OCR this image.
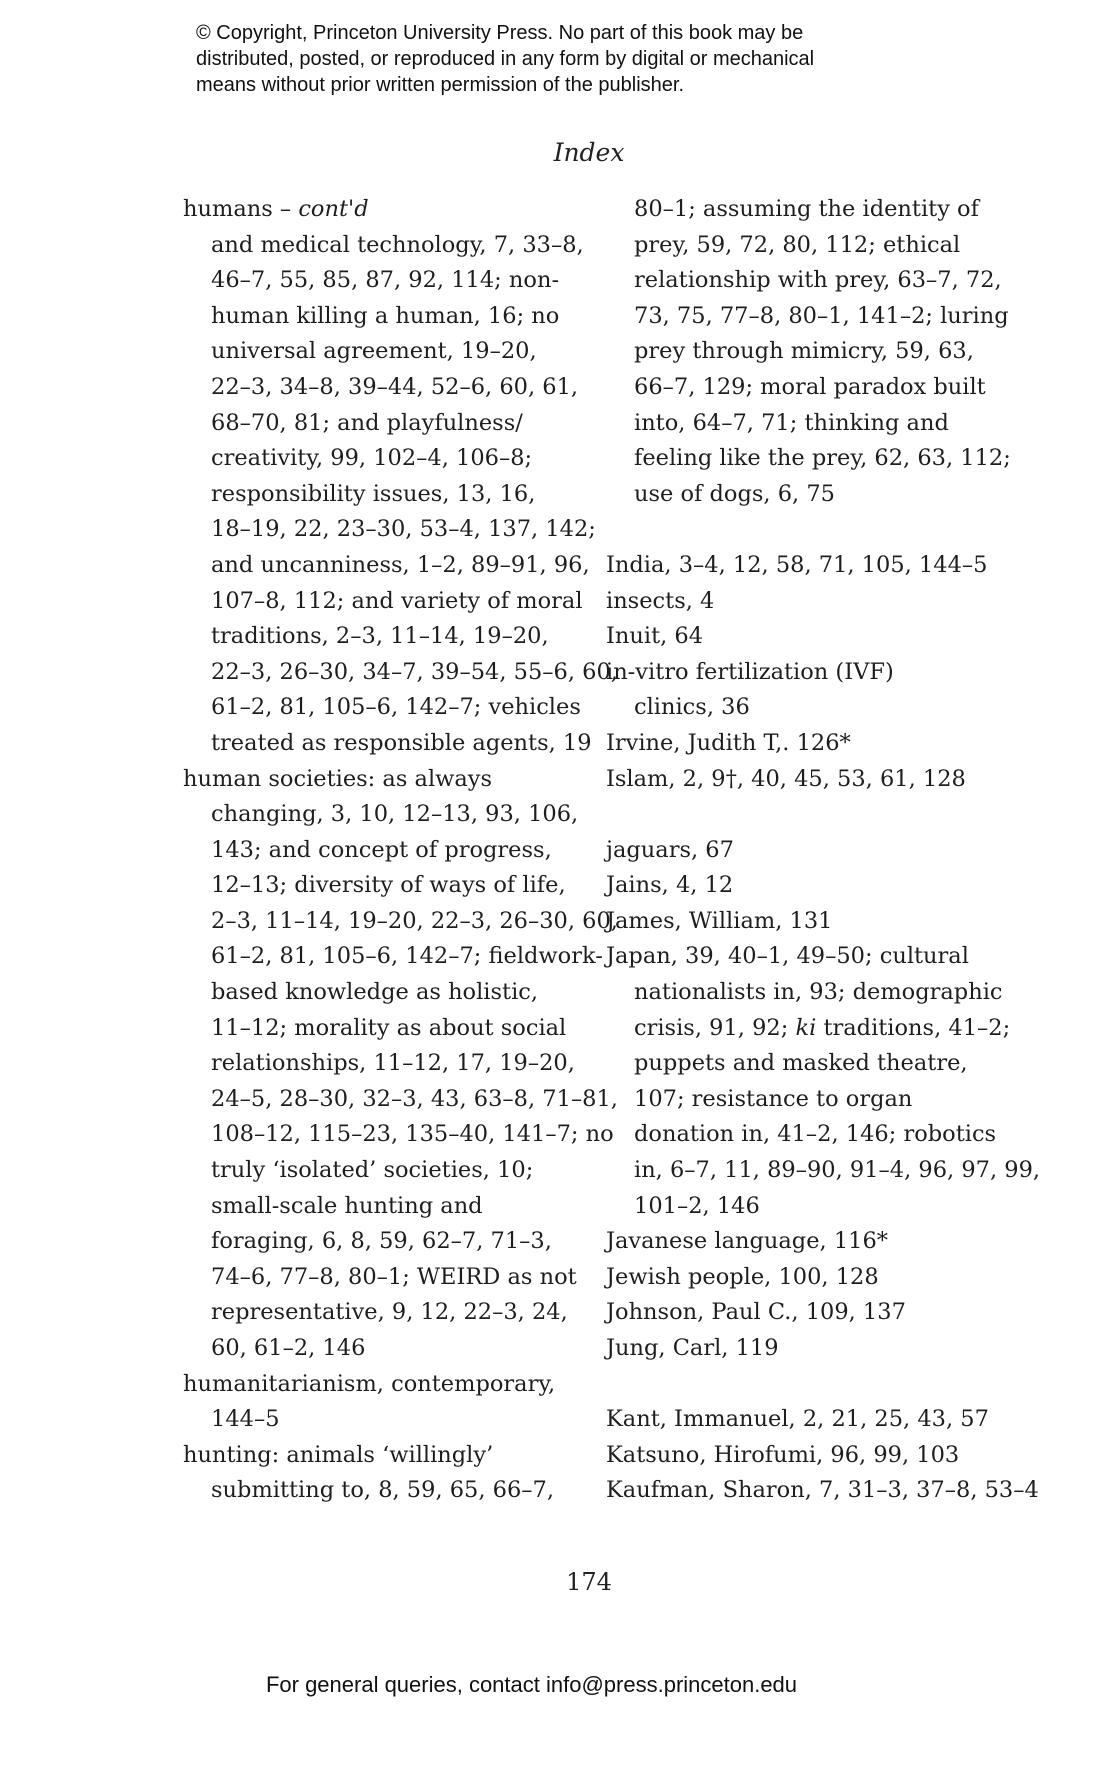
© Copyright, Princeton University Press. No part of this book may be
distributed, posted, or reproduced in any form by digital or mechanical
means without prior written permission of the publisher.
Index
humans – cont'd
and medical technology, 7, 33–8,
46–7, 55, 85, 87, 92, 114; non-
human killing a human, 16; no
universal agreement, 19–20,
22–3, 34–8, 39–44, 52–6, 60, 61,
68–70, 81; and playfulness/
creativity, 99, 102–4, 106–8;
responsibility issues, 13, 16,
18–19, 22, 23–30, 53–4, 137, 142;
and uncanniness, 1–2, 89–91, 96,
107–8, 112; and variety of moral
traditions, 2–3, 11–14, 19–20,
22–3, 26–30, 34–7, 39–54, 55–6, 60,
61–2, 81, 105–6, 142–7; vehicles
treated as responsible agents, 19
human societies: as always
changing, 3, 10, 12–13, 93, 106,
143; and concept of progress,
12–13; diversity of ways of life,
2–3, 11–14, 19–20, 22–3, 26–30, 60,
61–2, 81, 105–6, 142–7; fieldwork-
based knowledge as holistic,
11–12; morality as about social
relationships, 11–12, 17, 19–20,
24–5, 28–30, 32–3, 43, 63–8, 71–81,
108–12, 115–23, 135–40, 141–7; no
truly ‘isolated’ societies, 10;
small-scale hunting and
foraging, 6, 8, 59, 62–7, 71–3,
74–6, 77–8, 80–1; WEIRD as not
representative, 9, 12, 22–3, 24,
60, 61–2, 146
humanitarianism, contemporary,
144–5
hunting: animals ‘willingly’
submitting to, 8, 59, 65, 66–7,
80–1; assuming the identity of
prey, 59, 72, 80, 112; ethical
relationship with prey, 63–7, 72,
73, 75, 77–8, 80–1, 141–2; luring
prey through mimicry, 59, 63,
66–7, 129; moral paradox built
into, 64–7, 71; thinking and
feeling like the prey, 62, 63, 112;
use of dogs, 6, 75
India, 3–4, 12, 58, 71, 105, 144–5
insects, 4
Inuit, 64
in-vitro fertilization (IVF)
clinics, 36
Irvine, Judith T,. 126*
Islam, 2, 9†, 40, 45, 53, 61, 128
jaguars, 67
Jains, 4, 12
James, William, 131
Japan, 39, 40–1, 49–50; cultural
nationalists in, 93; demographic
crisis, 91, 92; ki traditions, 41–2;
puppets and masked theatre,
107; resistance to organ
donation in, 41–2, 146; robotics
in, 6–7, 11, 89–90, 91–4, 96, 97, 99,
101–2, 146
Javanese language, 116*
Jewish people, 100, 128
Johnson, Paul C., 109, 137
Jung, Carl, 119
Kant, Immanuel, 2, 21, 25, 43, 57
Katsuno, Hirofumi, 96, 99, 103
Kaufman, Sharon, 7, 31–3, 37–8, 53–4
174
For general queries, contact info@press.princeton.edu
